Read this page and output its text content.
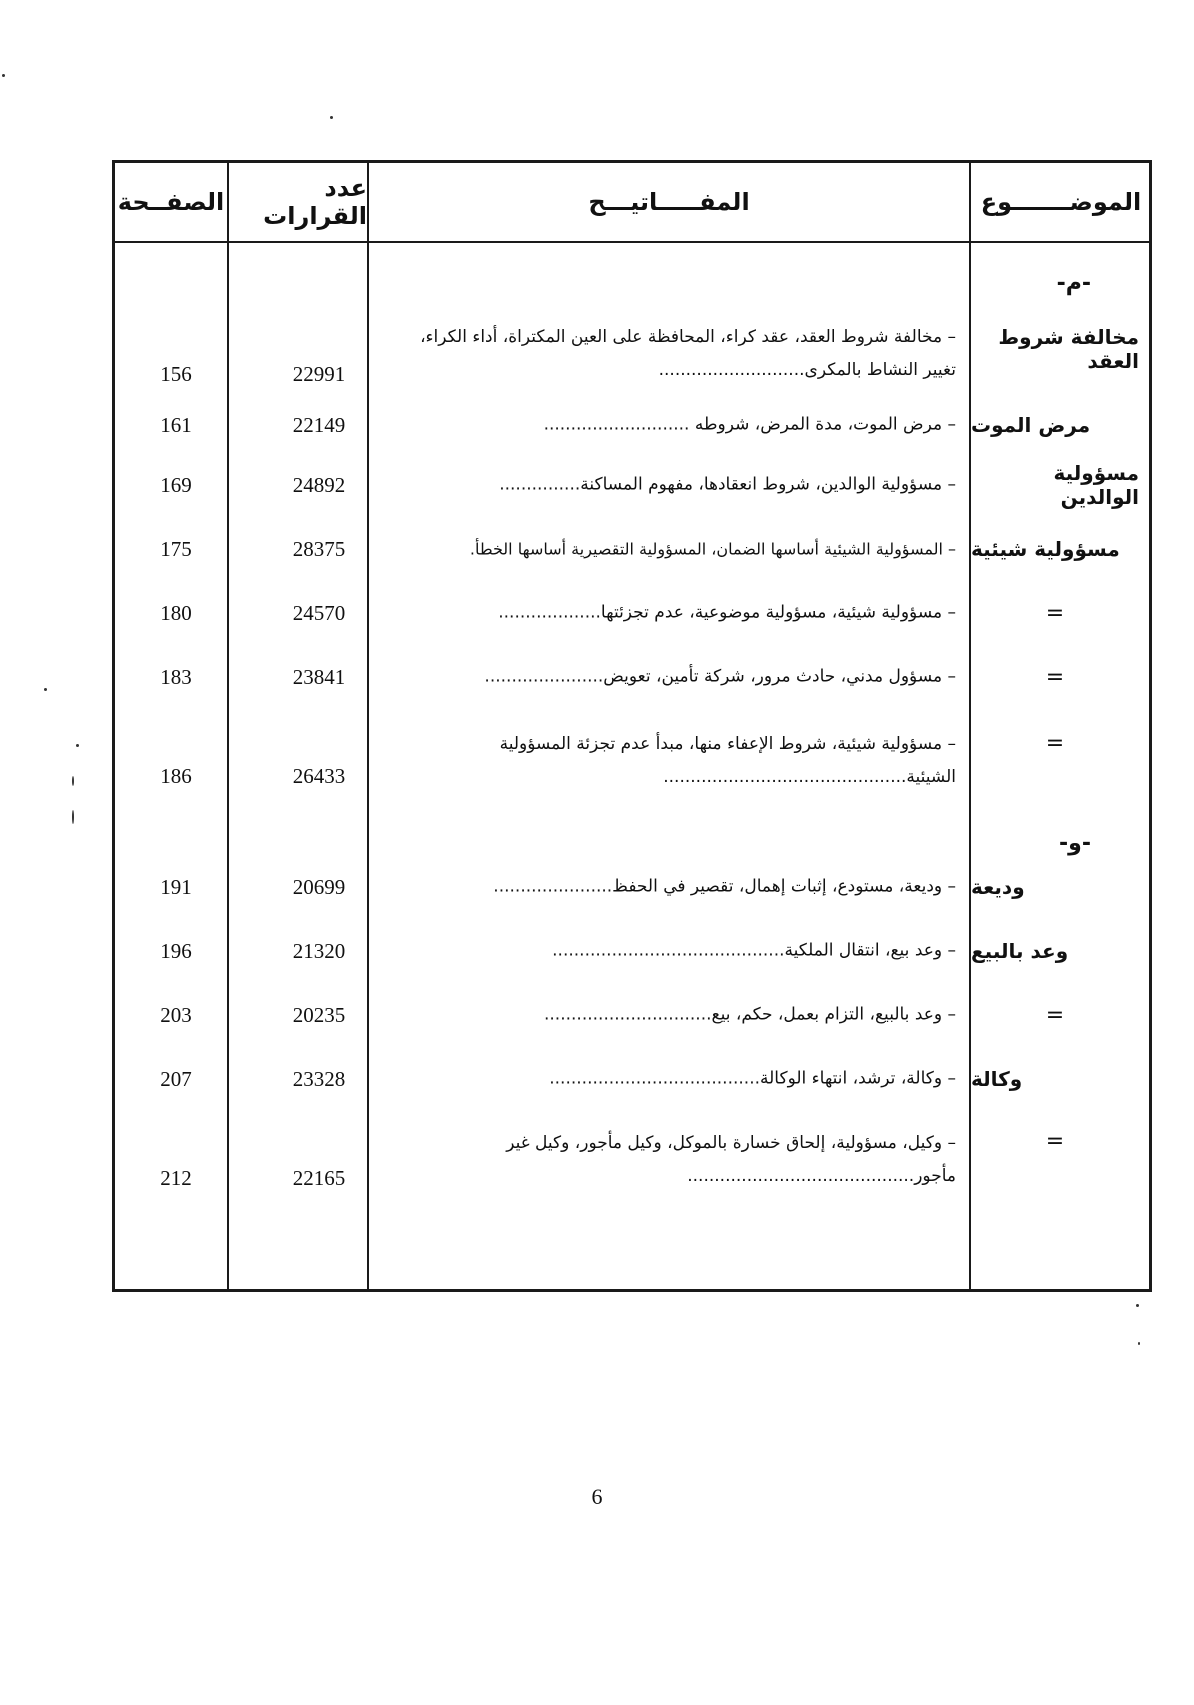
الموضـــــــوع
المفـــــاتيـــح
عدد القرارات
الصفــحة
-م-
-و-
مخالفة شروط العقد
– مخالفة شروط العقد، عقد كراء، المحافظة على العين المكتراة، أداء الكراء، تغيير النشاط بالمكرى...........................
22991
156
مرض الموت
– مرض الموت، مدة المرض، شروطه ...........................
22149
161
مسؤولية الوالدين
– مسؤولية الوالدين، شروط انعقادها، مفهوم المساكنة...............
24892
169
مسؤولية شيئية
– المسؤولية الشيئية أساسها الضمان، المسؤولية التقصيرية أساسها الخطأ.
28375
175
=
– مسؤولية شيئية، مسؤولية موضوعية، عدم تجزئتها...................
24570
180
=
– مسؤول مدني، حادث مرور، شركة تأمين، تعويض......................
23841
183
=
– مسؤولية شيئية، شروط الإعفاء منها، مبدأ عدم تجزئة المسؤولية الشيئية.............................................
26433
186
وديعة
– وديعة، مستودع، إثبات إهمال، تقصير في الحفظ......................
20699
191
وعد بالبيع
– وعد بيع، انتقال الملكية...........................................
21320
196
=
– وعد بالبيع، التزام بعمل، حكم، بيع...............................
20235
203
وكالة
– وكالة، ترشد، انتهاء الوكالة.......................................
23328
207
=
– وكيل، مسؤولية، إلحاق خسارة بالموكل، وكيل مأجور، وكيل غير مأجور..........................................
22165
212
6
